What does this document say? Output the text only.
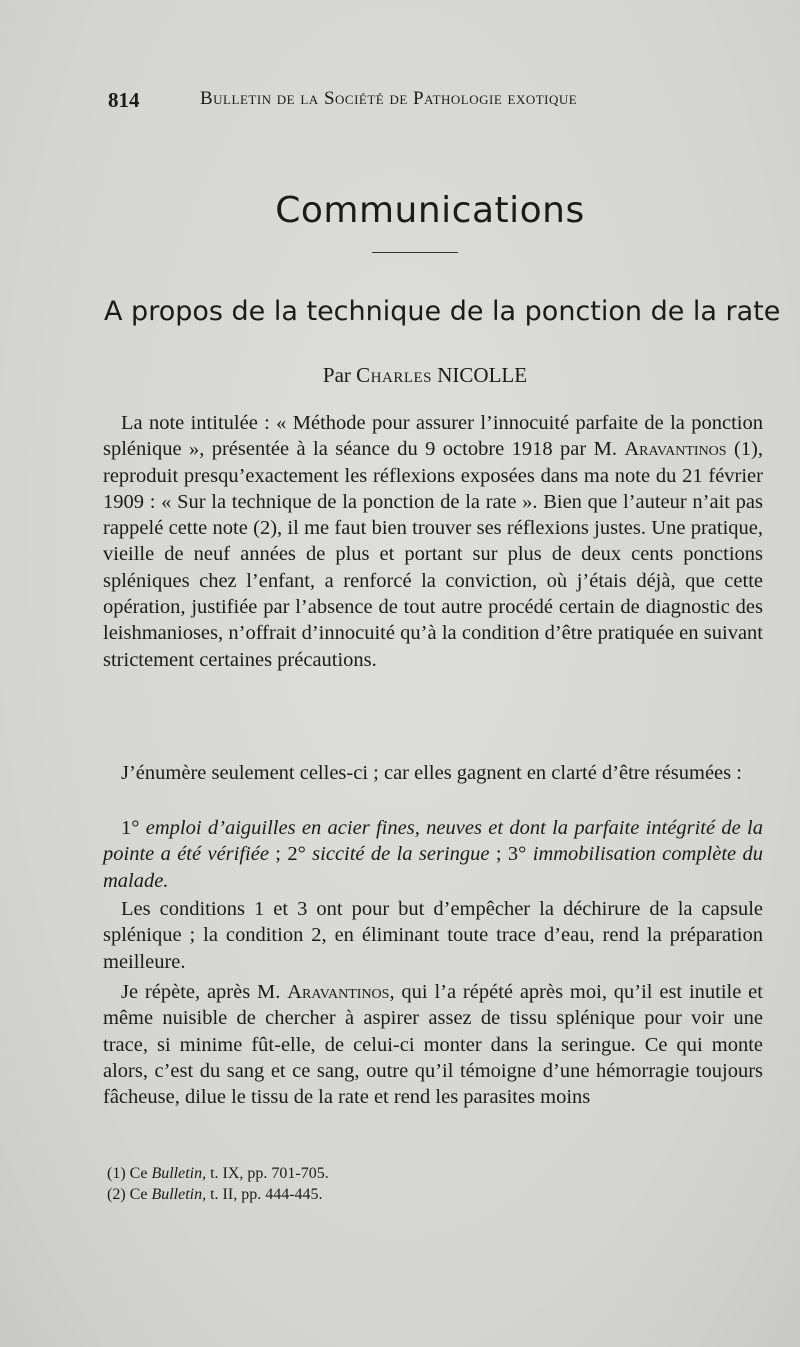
814	Bulletin de la Société de Pathologie exotique
Communications
A propos de la technique de la ponction de la rate
Par Charles NICOLLE

La note intitulée : « Méthode pour assurer l’innocuité parfaite de la ponction splénique », présentée à la séance du 9 octobre 1918 par M. Aravantinos (1), reproduit presqu’exactement les réflexions exposées dans ma note du 21 février 1909 : « Sur la technique de la ponction de la rate ». Bien que l’auteur n’ait pas rappelé cette note (2), il me faut bien trouver ses réflexions justes. Une pratique, vieille de neuf années de plus et portant sur plus de deux cents ponctions spléniques chez l’enfant, a renforcé la conviction, où j’étais déjà, que cette opération, justifiée par l’absence de tout autre procédé certain de diagnostic des leishmanioses, n’offrait d’innocuité qu’à la condition d’être pratiquée en suivant strictement certaines précautions.

J’énumère seulement celles-ci ; car elles gagnent en clarté d’être résumées :

1° emploi d’aiguilles en acier fines, neuves et dont la parfaite intégrité de la pointe a été vérifiée ; 2° siccité de la seringue ; 3° immobilisation complète du malade.

Les conditions 1 et 3 ont pour but d’empêcher la déchirure de la capsule splénique ; la condition 2, en éliminant toute trace d’eau, rend la préparation meilleure.

Je répète, après M. Aravantinos, qui l’a répété après moi, qu’il est inutile et même nuisible de chercher à aspirer assez de tissu splénique pour voir une trace, si minime fût-elle, de celui-ci monter dans la seringue. Ce qui monte alors, c’est du sang et ce sang, outre qu’il témoigne d’une hémorragie toujours fâcheuse, dilue le tissu de la rate et rend les parasites moins

(1) Ce Bulletin, t. IX, pp. 701-705.
(2) Ce Bulletin, t. II, pp. 444-445.
